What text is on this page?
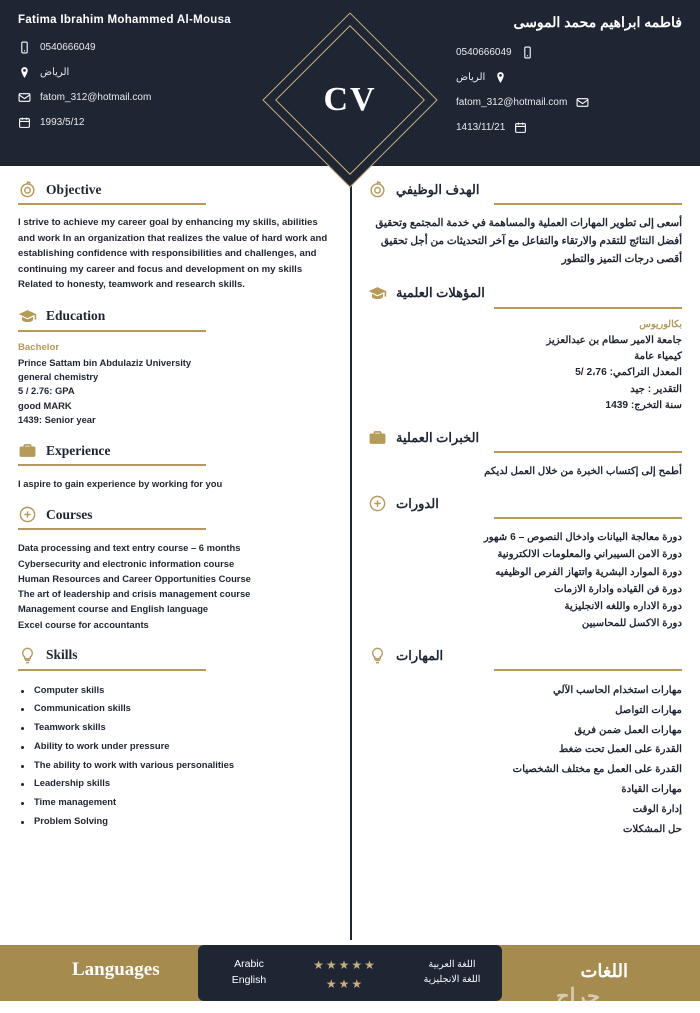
Fatima Ibrahim Mohammed Al-Mousa
0540666049
الرياض
fatom_312@hotmail.com
1993/5/12
فاطمه ابراهيم محمد الموسى
0540666049
الرياض
fatom_312@hotmail.com
1413/11/21
CV
Objective
I strive to achieve my career goal by enhancing my skills, abilities and work In an organization that realizes the value of hard work and establishing confidence with responsibilities and challenges, and continuing my career and focus and development on my skills Related to honesty, teamwork and research skills.
Education
Bachelor
Prince Sattam bin Abdulaziz University
general chemistry
5 / 2.76: GPA
good MARK
1439: Senior year
Experience
I aspire to gain experience by working for you
Courses
Data processing and text entry course – 6 months
Cybersecurity and electronic information course
Human Resources and Career Opportunities Course
The art of leadership and crisis management course
Management course and English language
Excel course for accountants
Skills
Computer skills
Communication skills
Teamwork skills
Ability to work under pressure
The ability to work with various personalities
Leadership skills
Time management
Problem Solving
الهدف الوظيفي
أسعى إلى تطوير المهارات العملية والمساهمة في خدمة المجتمع وتحقيق أفضل النتائج للتقدم والارتقاء والتفاعل مع آخر التحديثات من أجل تحقيق أقصى درجات التميز والتطور
المؤهلات العلمية
بكالوريوس
جامعة الامير سطام بن عبدالعزيز
كيمياء عامة
المعدل التراكمي: 2،76 /5
التقدير : جيد
سنة التخرج: 1439
الخبرات العملية
أطمح إلى إكتساب الخبرة من خلال العمل لديكم
الدورات
دورة معالجة البيانات وادخال النصوص – 6 شهور
دورة الامن السيبراني والمعلومات الالكترونية
دورة الموارد البشرية واتتهاز الفرص الوظيفيه
دورة فن القياده وادارة الازمات
دورة الاداره واللغه الانجليزية
دورة الاكسل للمحاسبين
المهارات
مهارات استخدام الحاسب الآلي
مهارات التواصل
مهارات العمل ضمن فريق
القدرة على العمل تحت ضغط
القدرة على العمل مع مختلف الشخصيات
مهارات القيادة
إدارة الوقت
حل المشكلات
Languages	اللغات
Arabic
English
★★★★★
★★★
اللغة العربية
اللغة الانجليزية
حراج
